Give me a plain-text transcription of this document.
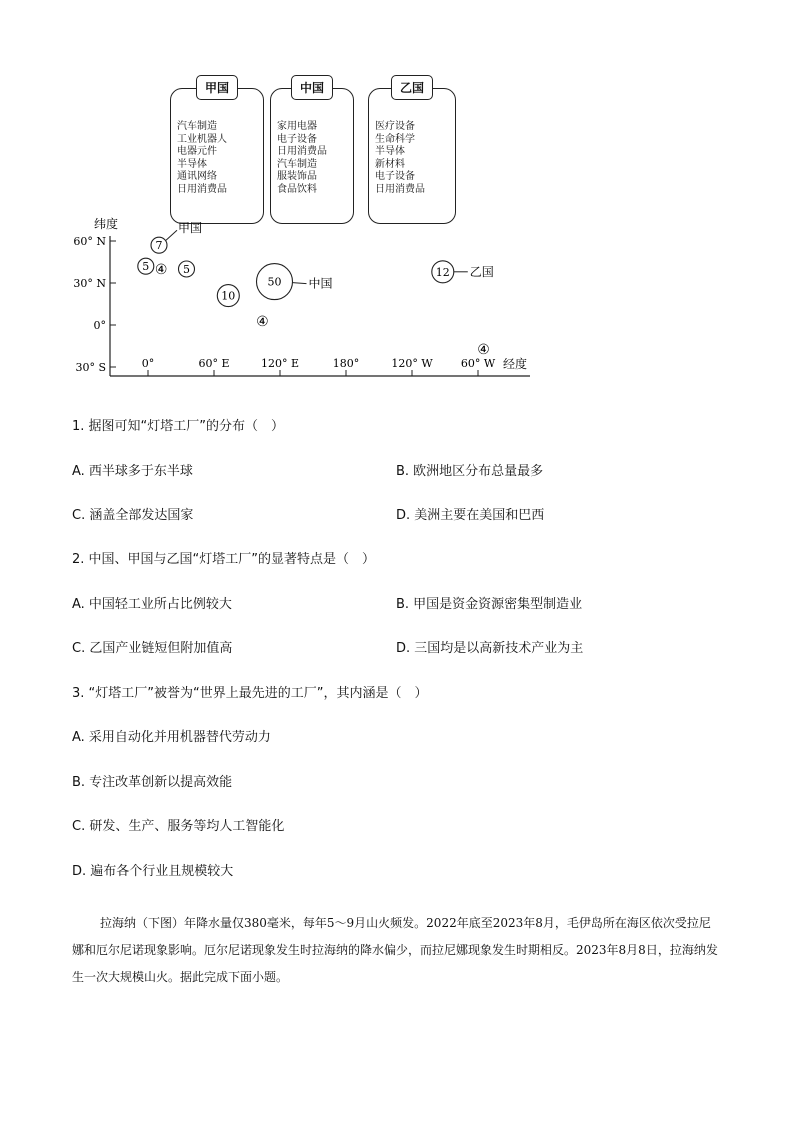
甲国
汽车制造
工业机器人
电器元件
半导体
通讯网络
日用消费品
中国
家用电器
电子设备
日用消费品
汽车制造
服装饰品
食品饮料
乙国
医疗设备
生命科学
半导体
新材料
电子设备
日用消费品
纬度
经度
60° N
30° N
0°
30° S	0°	60° E	120° E	180°	120° W	60° W
7
5 ④ 5
10
50
④
12
④
甲国
中国
乙国
1. 据图可知“灯塔工厂”的分布（　）
A. 西半球多于东半球	B. 欧洲地区分布总量最多
C. 涵盖全部发达国家	D. 美洲主要在美国和巴西
2. 中国、甲国与乙国“灯塔工厂”的显著特点是（　）
A. 中国轻工业所占比例较大	B. 甲国是资金资源密集型制造业
C. 乙国产业链短但附加值高	D. 三国均是以高新技术产业为主
3. “灯塔工厂”被誉为“世界上最先进的工厂”，其内涵是（　）
A. 采用自动化并用机器替代劳动力
B. 专注改革创新以提高效能
C. 研发、生产、服务等均人工智能化
D. 遍布各个行业且规模较大

拉海纳（下图）年降水量仅380毫米，每年5～9月山火频发。2022年底至2023年8月，毛伊岛所在海区依次受拉尼娜和厄尔尼诺现象影响。厄尔尼诺现象发生时拉海纳的降水偏少，而拉尼娜现象发生时期相反。2023年8月8日，拉海纳发生一次大规模山火。据此完成下面小题。
